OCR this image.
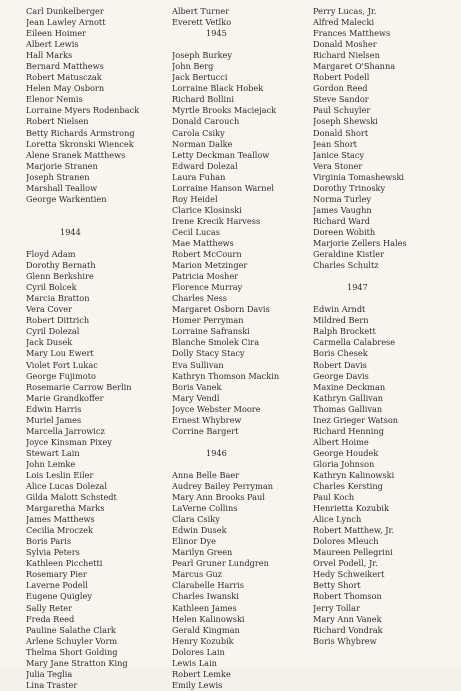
Carl Dunkelberger
Jean Lawley Arnott
Eileen Hoimer
Albert Lewis
Hall Marks
Bernard Matthews
Robert Matusczak
Helen May Osborn
Elenor Nemis
Lorraine Myers Rodenback
Robert Nielsen
Betty Richards Armstrong
Loretta Skronski Wiencek
Alene Sranek Matthews
Marjorie Stranen
Joseph Stranen
Marshall Teallow
George Warkentien
1944
Floyd Adam
Dorothy Bernath
Glenn Berkshire
Cyril Bolcek
Marcia Bratton
Vera Cover
Robert Dittrich
Cyril Dolezal
Jack Dusek
Mary Lou Ewert
Violet Fort Lukac
George Fujimoto
Rosemarie Carrow Berlin
Marie Grandkoffer
Edwin Harris
Muriel James
Marcella Jarrowicz
Joyce Kinsman Pixey
Stewart Lain
John Lemke
Lois Leslin Eiler
Alice Lucas Dolezal
Gilda Malott Schstedt
Margaretha Marks
James Matthews
Cecilia Mroczek
Boris Paris
Sylvia Peters
Kathleen Picchetti
Rosemary Pier
Laverne Podell
Eugene Quigley
Sally Reter
Freda Reed
Pauline Salathe Clark
Arlene Schuyler Vorm
Thelma Short Golding
Mary Jane Stratton King
Julia Teglia
Lina Traster
Albert Turner
Everett Vetlko
1945
Joseph Burkey
John Berg
Jack Bertucci
Lorraine Black Hobek
Richard Bollini
Myrtle Brooks Maciejack
Donald Carouch
Carola Csiky
Norman Dalke
Letty Deckman Teallow
Edward Dolezal
Laura Fuhan
Lorraine Hanson Warnel
Roy Heidel
Clarice Klosinski
Irene Krecik Harvess
Cecil Lucas
Mae Matthews
Robert McCourn
Marion Metzinger
Patricia Mosher
Florence Murray
Charles Ness
Margaret Osborn Davis
Homer Perryman
Lorraine Safranski
Blanche Smolek Cira
Dolly Stacy Stacy
Eva Sullivan
Kathryn Thomson Mackin
Boris Vanek
Mary Vendl
Joyce Webster Moore
Ernest Whybrew
Corrine Bargert
1946
Anna Belle Baer
Audrey Bailey Perryman
Mary Ann Brooks Paul
LaVerne Collins
Clara Csiky
Edwin Dusek
Elinor Dye
Marilyn Green
Pearl Gruner Lundgren
Marcus Guz
Clarabelle Harris
Charles Iwanski
Kathleen James
Helen Kalinowski
Gerald Kingman
Henry Kozubik
Dolores Lain
Lewis Lain
Robert Lemke
Emily Lewis
Perry Lucas, Jr.
Alfred Malecki
Frances Matthews
Donald Mosher
Richard Nielsen
Margaret O'Shanna
Robert Podell
Gordon Reed
Steve Sandor
Paul Schuyler
Joseph Shewski
Donald Short
Jean Short
Janice Stacy
Vera Stoner
Virginia Tomashewski
Dorothy Trinosky
Norma Turley
James Vaughn
Richard Ward
Doreen Wobith
Marjorie Zellers Hales
Geraldine Kistler
Charles Schultz
1947
Edwin Arndt
Mildred Bern
Ralph Brockett
Carmella Calabrese
Boris Chesek
Robert Davis
George Davis
Maxine Deckman
Kathryn Gallivan
Thomas Gallivan
Inez Grieger Watson
Richard Henning
Albert Hoime
George Houdek
Gloria Johnson
Kathryn Kalinowski
Charles Kersting
Paul Koch
Henrietta Kozubik
Alice Lynch
Robert Matthew, Jr.
Dolores Mleuch
Maureen Pellegrini
Orvel Podell, Jr.
Hedy Schweikert
Betty Short
Robert Thomson
Jerry Tollar
Mary Ann Vanek
Richard Vondrak
Boris Whybrew
